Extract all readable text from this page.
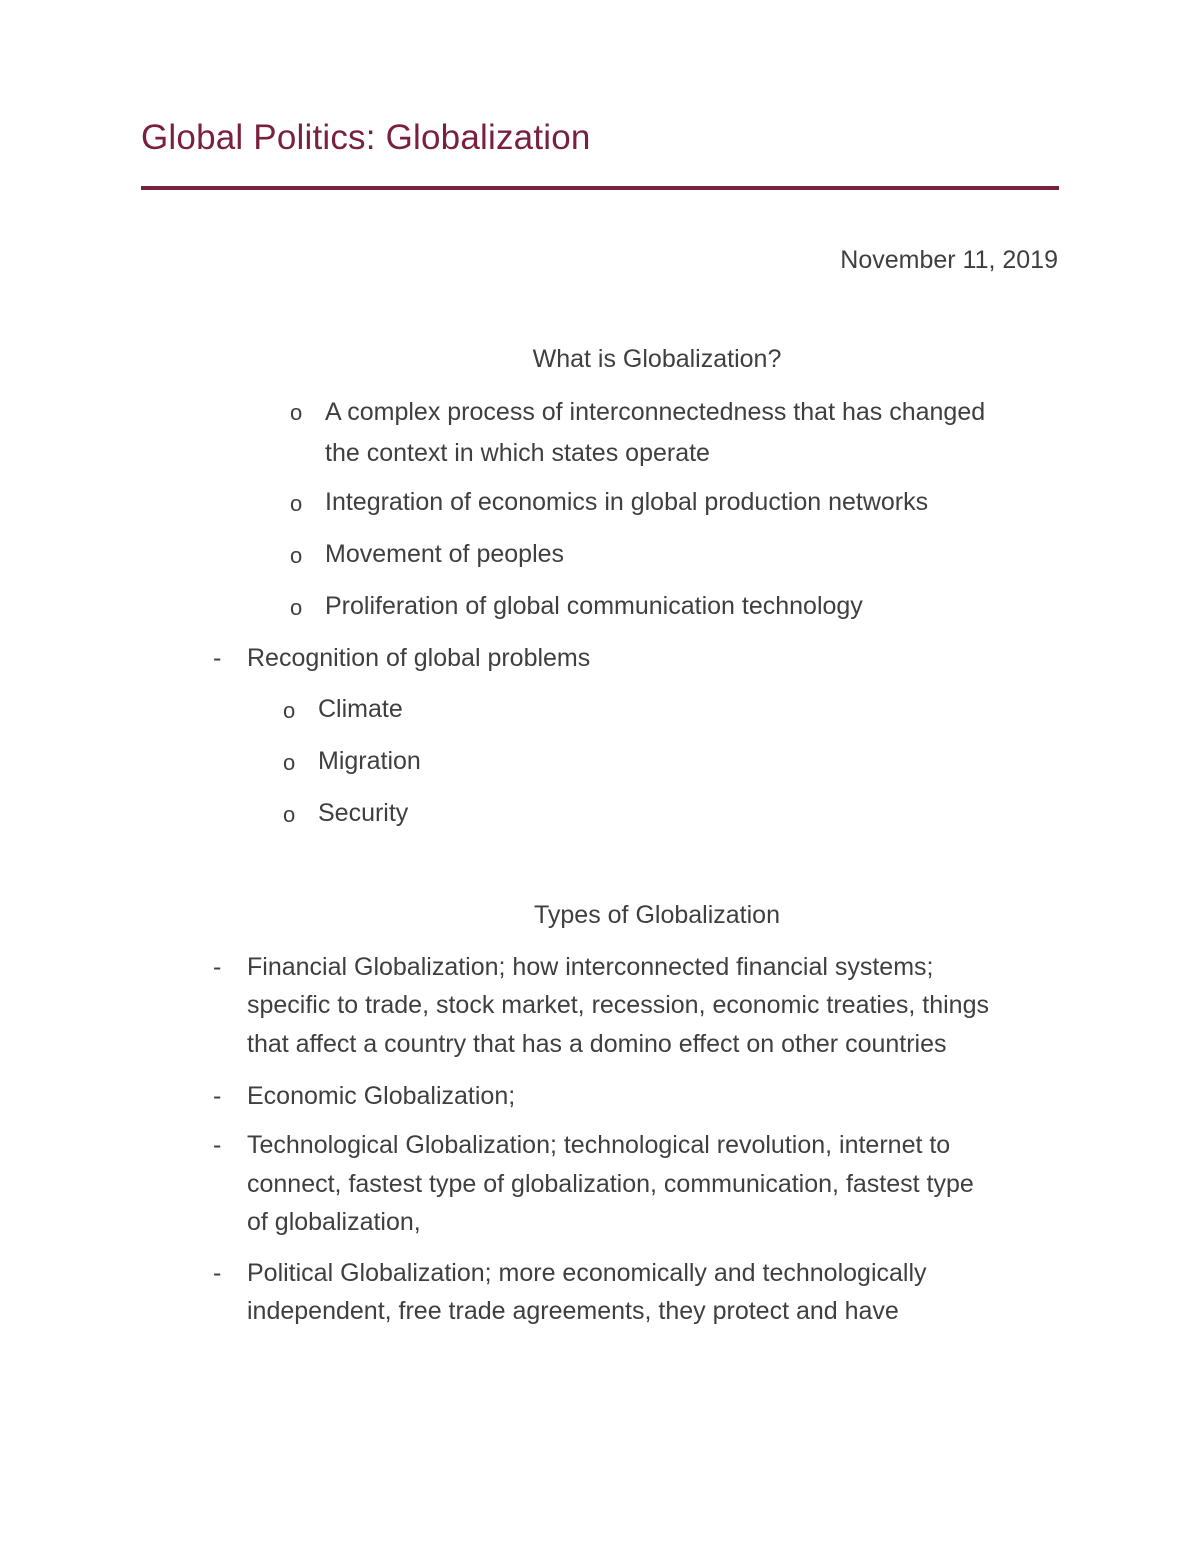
Global Politics: Globalization
November 11, 2019
What is Globalization?
o A complex process of interconnectedness that has changed
the context in which states operate
o Integration of economics in global production networks
o Movement of peoples
o Proliferation of global communication technology
- Recognition of global problems
o Climate
o Migration
o Security
Types of Globalization
- Financial Globalization; how interconnected financial systems;
specific to trade, stock market, recession, economic treaties, things
that affect a country that has a domino effect on other countries
- Economic Globalization;
- Technological Globalization; technological revolution, internet to
connect, fastest type of globalization, communication, fastest type
of globalization,
- Political Globalization; more economically and technologically
independent, free trade agreements, they protect and have
